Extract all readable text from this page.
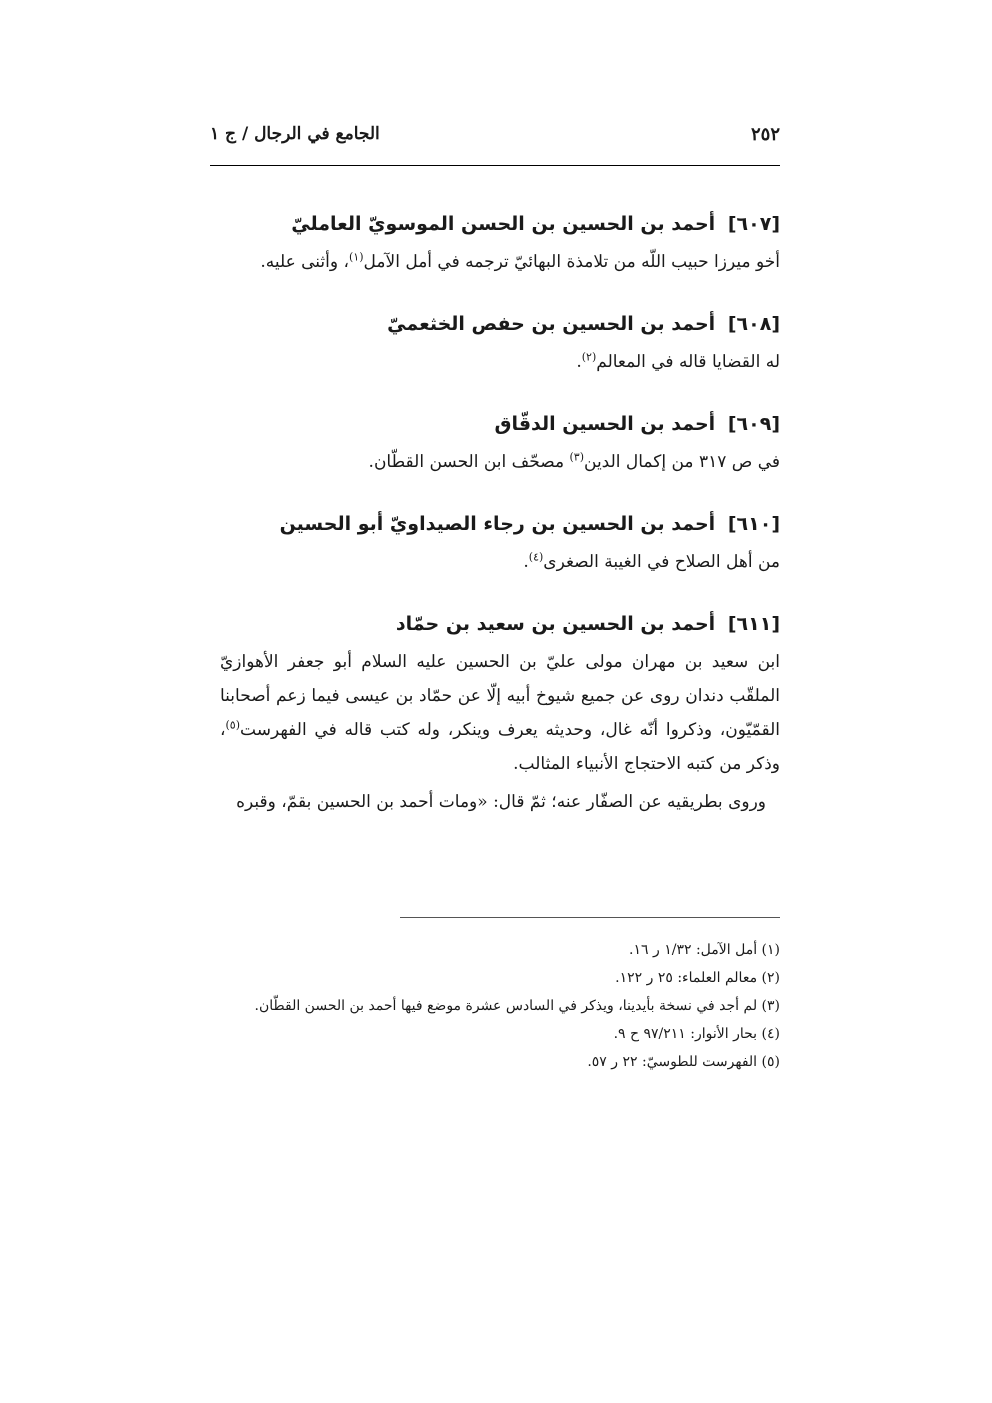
٢٥٢
الجامع في الرجال / ج ١

[٦٠٧] أحمد بن الحسين بن الحسن الموسويّ العامليّ

أخو ميرزا حبيب اللّه من تلامذة البهائيّ ترجمه في أمل الآمل$^{(١)}$، وأثنى عليه.

[٦٠٨] أحمد بن الحسين بن حفص الخثعميّ

له القضايا قاله في المعالم$^{(٢)}$.

[٦٠٩] أحمد بن الحسين الدقّاق

في ص ٣١٧ من إكمال الدين$^{(٣)}$ مصحّف ابن الحسن القطّان.

[٦١٠] أحمد بن الحسين بن رجاء الصيداويّ أبو الحسين

من أهل الصلاح في الغيبة الصغرى$^{(٤)}$.

[٦١١] أحمد بن الحسين بن سعيد بن حمّاد

ابن سعيد بن مهران مولى عليّ بن الحسين عليه السلام أبو جعفر الأهوازيّ الملقّب دندان روى عن جميع شيوخ أبيه إلّا عن حمّاد بن عيسى فيما زعم أصحابنا القمّيّون، وذكروا أنّه غال، وحديثه يعرف وينكر، وله كتب قاله في الفهرست$^{(٥)}$، وذكر من كتبه الاحتجاج الأنبياء المثالب.

وروى بطريقيه عن الصفّار عنه؛ ثمّ قال: «ومات أحمد بن الحسين بقمّ، وقبره

(١) أمل الآمل: ١/٣٢ ر ١٦.

(٢) معالم العلماء: ٢٥ ر ١٢٢.

(٣) لم أجد في نسخة بأيدينا، ويذكر في السادس عشرة موضع فيها أحمد بن الحسن القطّان.

(٤) بحار الأنوار: ٩٧/٢١١ ح ٩.

(٥) الفهرست للطوسيّ: ٢٢ ر ٥٧.
